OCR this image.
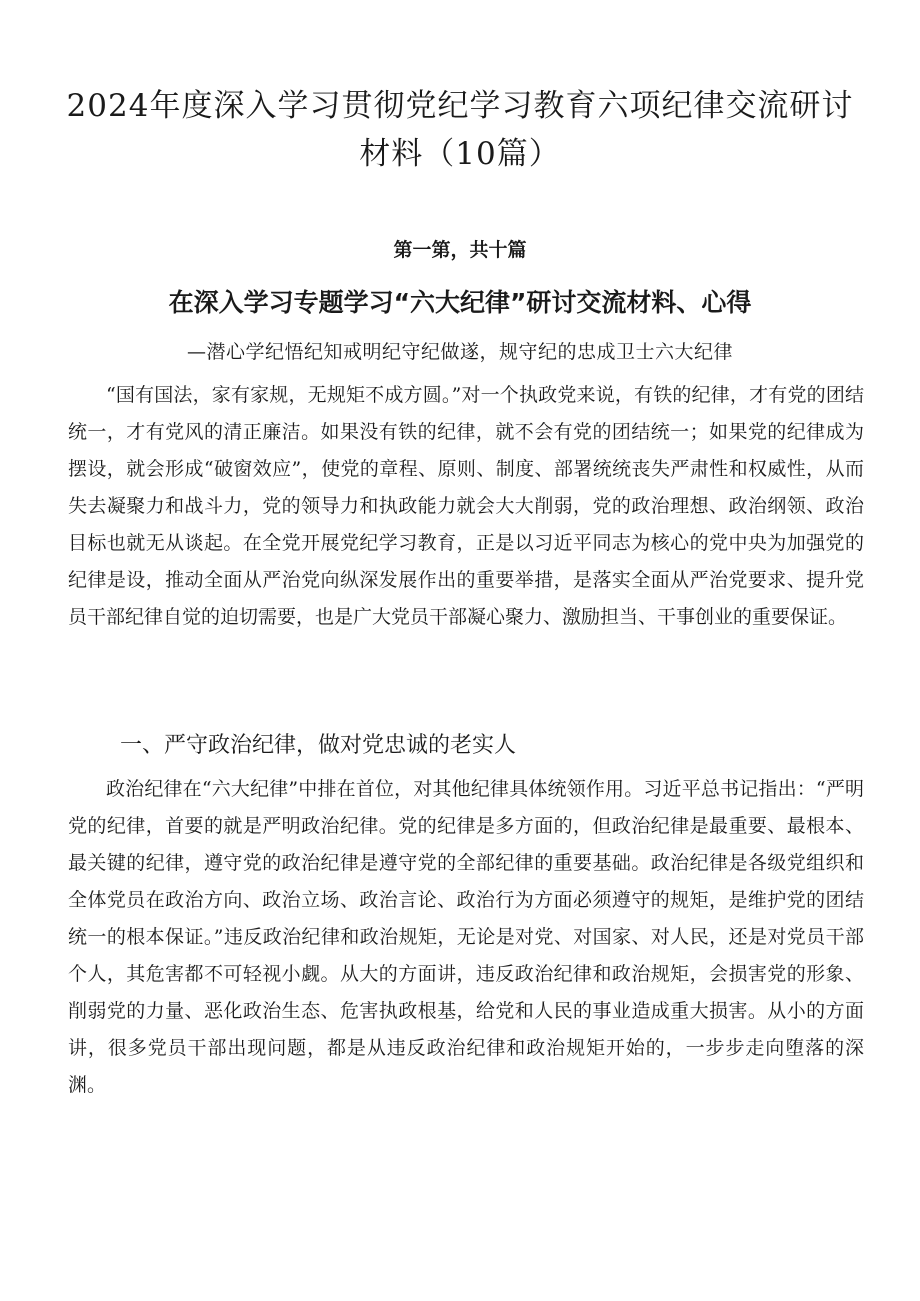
2024年度深入学习贯彻党纪学习教育六项纪律交流研讨材料（10篇）

第一第，共十篇

在深入学习专题学习“六大纪律”研讨交流材料、心得

—潜心学纪悟纪知戒明纪守纪做遂，规守纪的忠成卫士六大纪律

“国有国法，家有家规，无规矩不成方圆。”对一个执政党来说，有铁的纪律，才有党的团结统一，才有党风的清正廉洁。如果没有铁的纪律，就不会有党的团结统一；如果党的纪律成为摆设，就会形成“破窗效应”，使党的章程、原则、制度、部署统统丧失严肃性和权威性，从而失去凝聚力和战斗力，党的领导力和执政能力就会大大削弱，党的政治理想、政治纲领、政治目标也就无从谈起。在全党开展党纪学习教育，正是以习近平同志为核心的党中央为加强党的纪律是设，推动全面从严治党向纵深发展作出的重要举措，是落实全面从严治党要求、提升党员干部纪律自觉的迫切需要，也是广大党员干部凝心聚力、激励担当、干事创业的重要保证。

一、严守政治纪律，做对党忠诚的老实人

政治纪律在“六大纪律”中排在首位，对其他纪律具体统领作用。习近平总书记指出：“严明党的纪律，首要的就是严明政治纪律。党的纪律是多方面的，但政治纪律是最重要、最根本、最关键的纪律，遵守党的政治纪律是遵守党的全部纪律的重要基础。政治纪律是各级党组织和全体党员在政治方向、政治立场、政治言论、政治行为方面必须遵守的规矩，是维护党的团结统一的根本保证。”违反政治纪律和政治规矩，无论是对党、对国家、对人民，还是对党员干部个人，其危害都不可轻视小觑。从大的方面讲，违反政治纪律和政治规矩，会损害党的形象、削弱党的力量、恶化政治生态、危害执政根基，给党和人民的事业造成重大损害。从小的方面讲，很多党员干部出现问题，都是从违反政治纪律和政治规矩开始的，一步步走向堕落的深渊。
